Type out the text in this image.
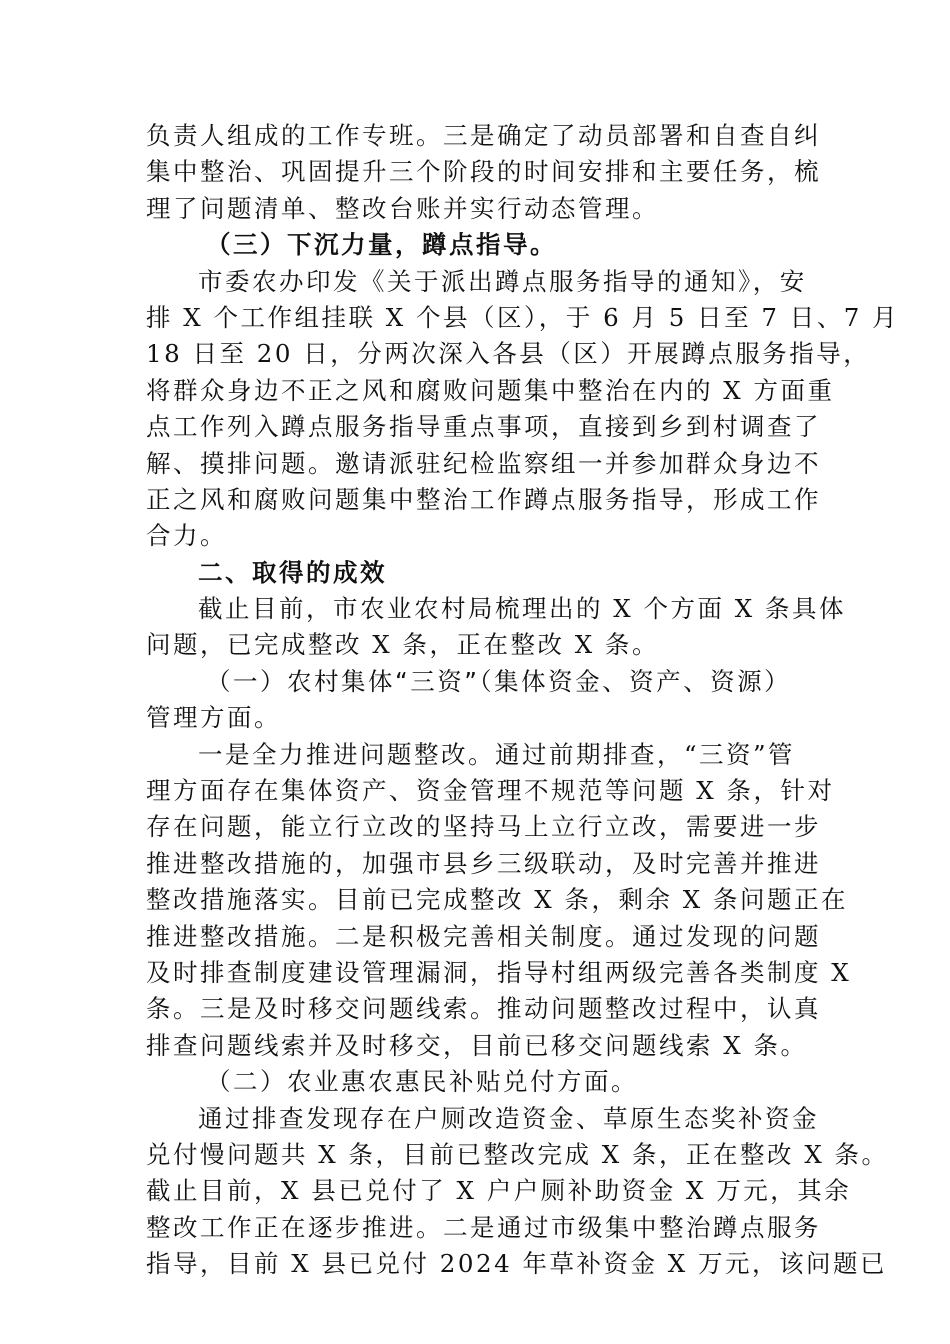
负责人组成的工作专班。三是确定了动员部署和自查自纠
集中整治、巩固提升三个阶段的时间安排和主要任务，梳
理了问题清单、整改台账并实行动态管理。
（三）下沉力量，蹲点指导。
市委农办印发《关于派出蹲点服务指导的通知》，安
排 X 个工作组挂联 X 个县（区），于 6 月 5 日至 7 日、7 月
18 日至 20 日，分两次深入各县（区）开展蹲点服务指导，
将群众身边不正之风和腐败问题集中整治在内的 X 方面重
点工作列入蹲点服务指导重点事项，直接到乡到村调查了
解、摸排问题。邀请派驻纪检监察组一并参加群众身边不
正之风和腐败问题集中整治工作蹲点服务指导，形成工作
合力。
二、取得的成效
截止目前，市农业农村局梳理出的 X 个方面 X 条具体
问题，已完成整改 X 条，正在整改 X 条。
（一）农村集体“三资”（集体资金、资产、资源）
管理方面。
一是全力推进问题整改。通过前期排查，“三资”管
理方面存在集体资产、资金管理不规范等问题 X 条，针对
存在问题，能立行立改的坚持马上立行立改，需要进一步
推进整改措施的，加强市县乡三级联动，及时完善并推进
整改措施落实。目前已完成整改 X 条，剩余 X 条问题正在
推进整改措施。二是积极完善相关制度。通过发现的问题
及时排查制度建设管理漏洞，指导村组两级完善各类制度 X
条。三是及时移交问题线索。推动问题整改过程中，认真
排查问题线索并及时移交，目前已移交问题线索 X 条。
（二）农业惠农惠民补贴兑付方面。
通过排查发现存在户厕改造资金、草原生态奖补资金
兑付慢问题共 X 条，目前已整改完成 X 条，正在整改 X 条。
截止目前，X 县已兑付了 X 户户厕补助资金 X 万元，其余
整改工作正在逐步推进。二是通过市级集中整治蹲点服务
指导，目前 X 县已兑付 2024 年草补资金 X 万元，该问题已
